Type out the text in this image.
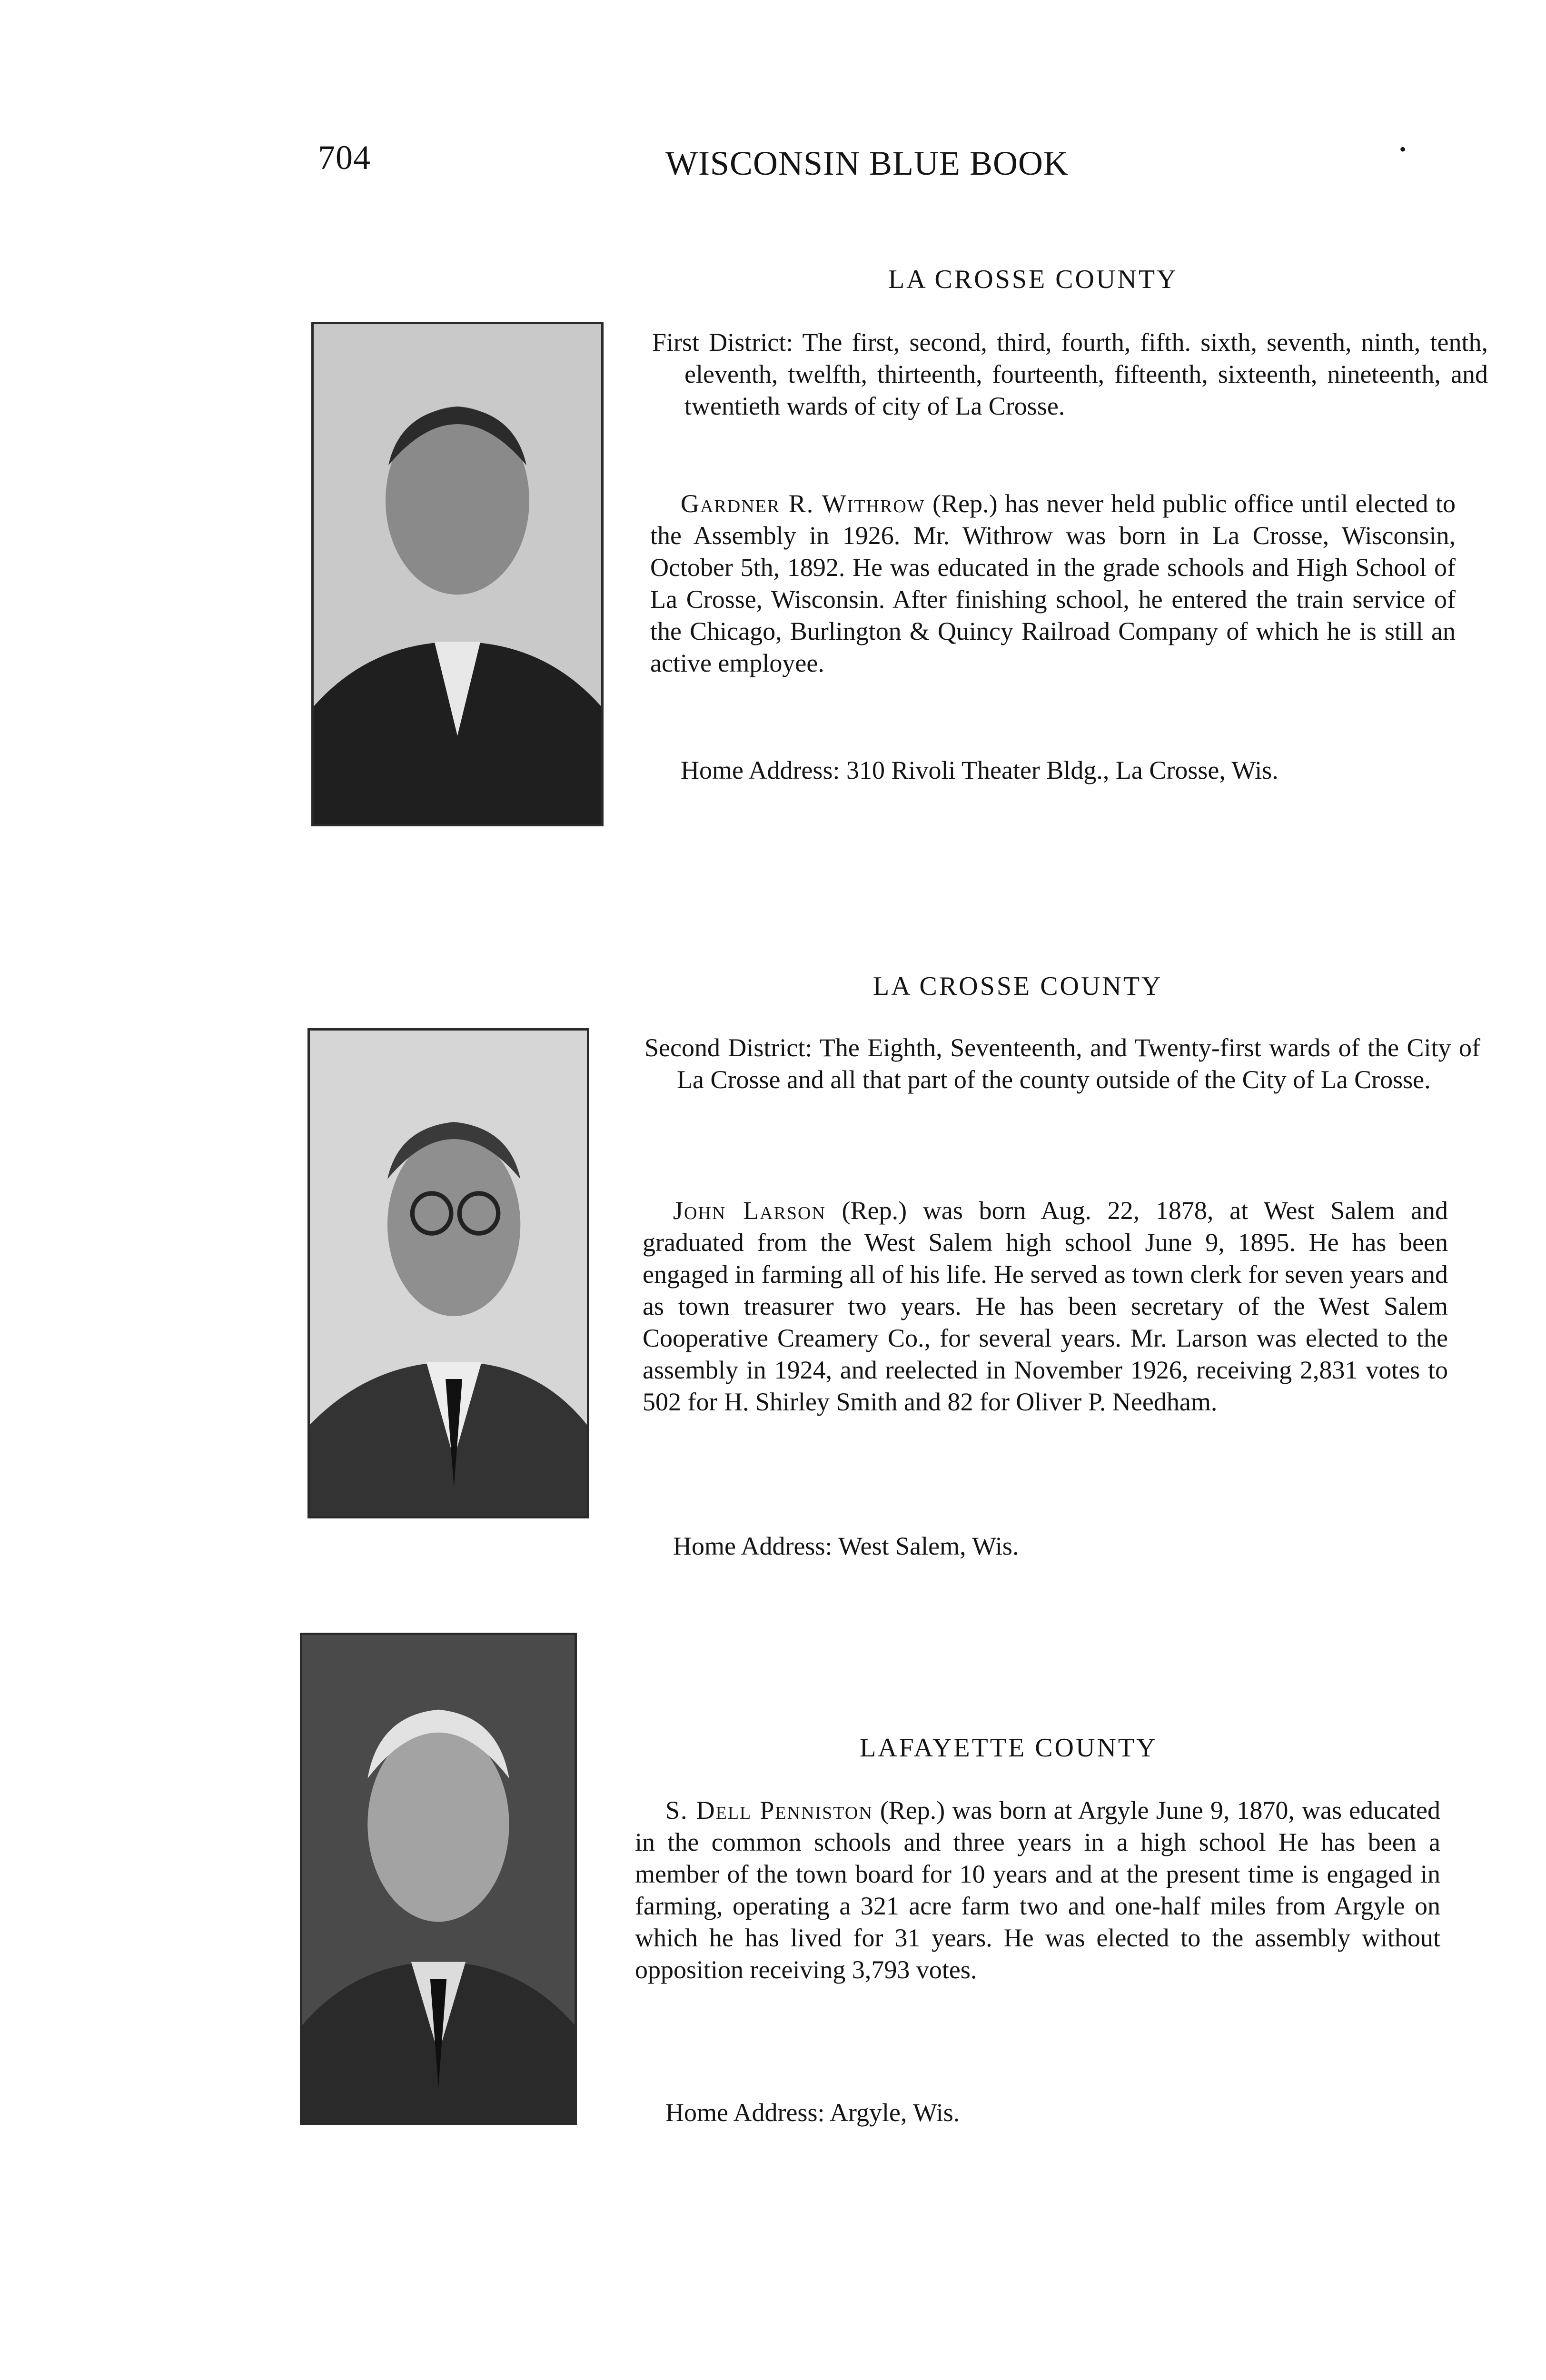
704	WISCONSIN BLUE BOOK	•
LA CROSSE COUNTY
First District: The first, second, third, fourth, fifth. sixth, seventh, ninth, tenth, eleventh, twelfth, thirteenth, fourteenth, fifteenth, sixteenth, nineteenth, and twentieth wards of city of La Crosse.
Gardner R. Withrow (Rep.) has never held public office until elected to the Assembly in 1926. Mr. Withrow was born in La Crosse, Wisconsin, October 5th, 1892. He was educated in the grade schools and High School of La Crosse, Wisconsin. After finishing school, he entered the train service of the Chicago, Burlington & Quincy Railroad Company of which he is still an active employee.
Home Address: 310 Rivoli Theater Bldg., La Crosse, Wis.
LA CROSSE COUNTY
Second District: The Eighth, Seventeenth, and Twenty-first wards of the City of La Crosse and all that part of the county outside of the City of La Crosse.
John Larson (Rep.) was born Aug. 22, 1878, at West Salem and graduated from the West Salem high school June 9, 1895. He has been engaged in farming all of his life. He served as town clerk for seven years and as town treasurer two years. He has been secretary of the West Salem Cooperative Creamery Co., for several years. Mr. Larson was elected to the assembly in 1924, and reelected in November 1926, receiving 2,831 votes to 502 for H. Shirley Smith and 82 for Oliver P. Needham.
Home Address: West Salem, Wis.
LAFAYETTE COUNTY
S. Dell Penniston (Rep.) was born at Argyle June 9, 1870, was educated in the common schools and three years in a high school He has been a member of the town board for 10 years and at the present time is engaged in farming, operating a 321 acre farm two and one-half miles from Argyle on which he has lived for 31 years. He was elected to the assembly without opposition receiving 3,793 votes.
Home Address: Argyle, Wis.
